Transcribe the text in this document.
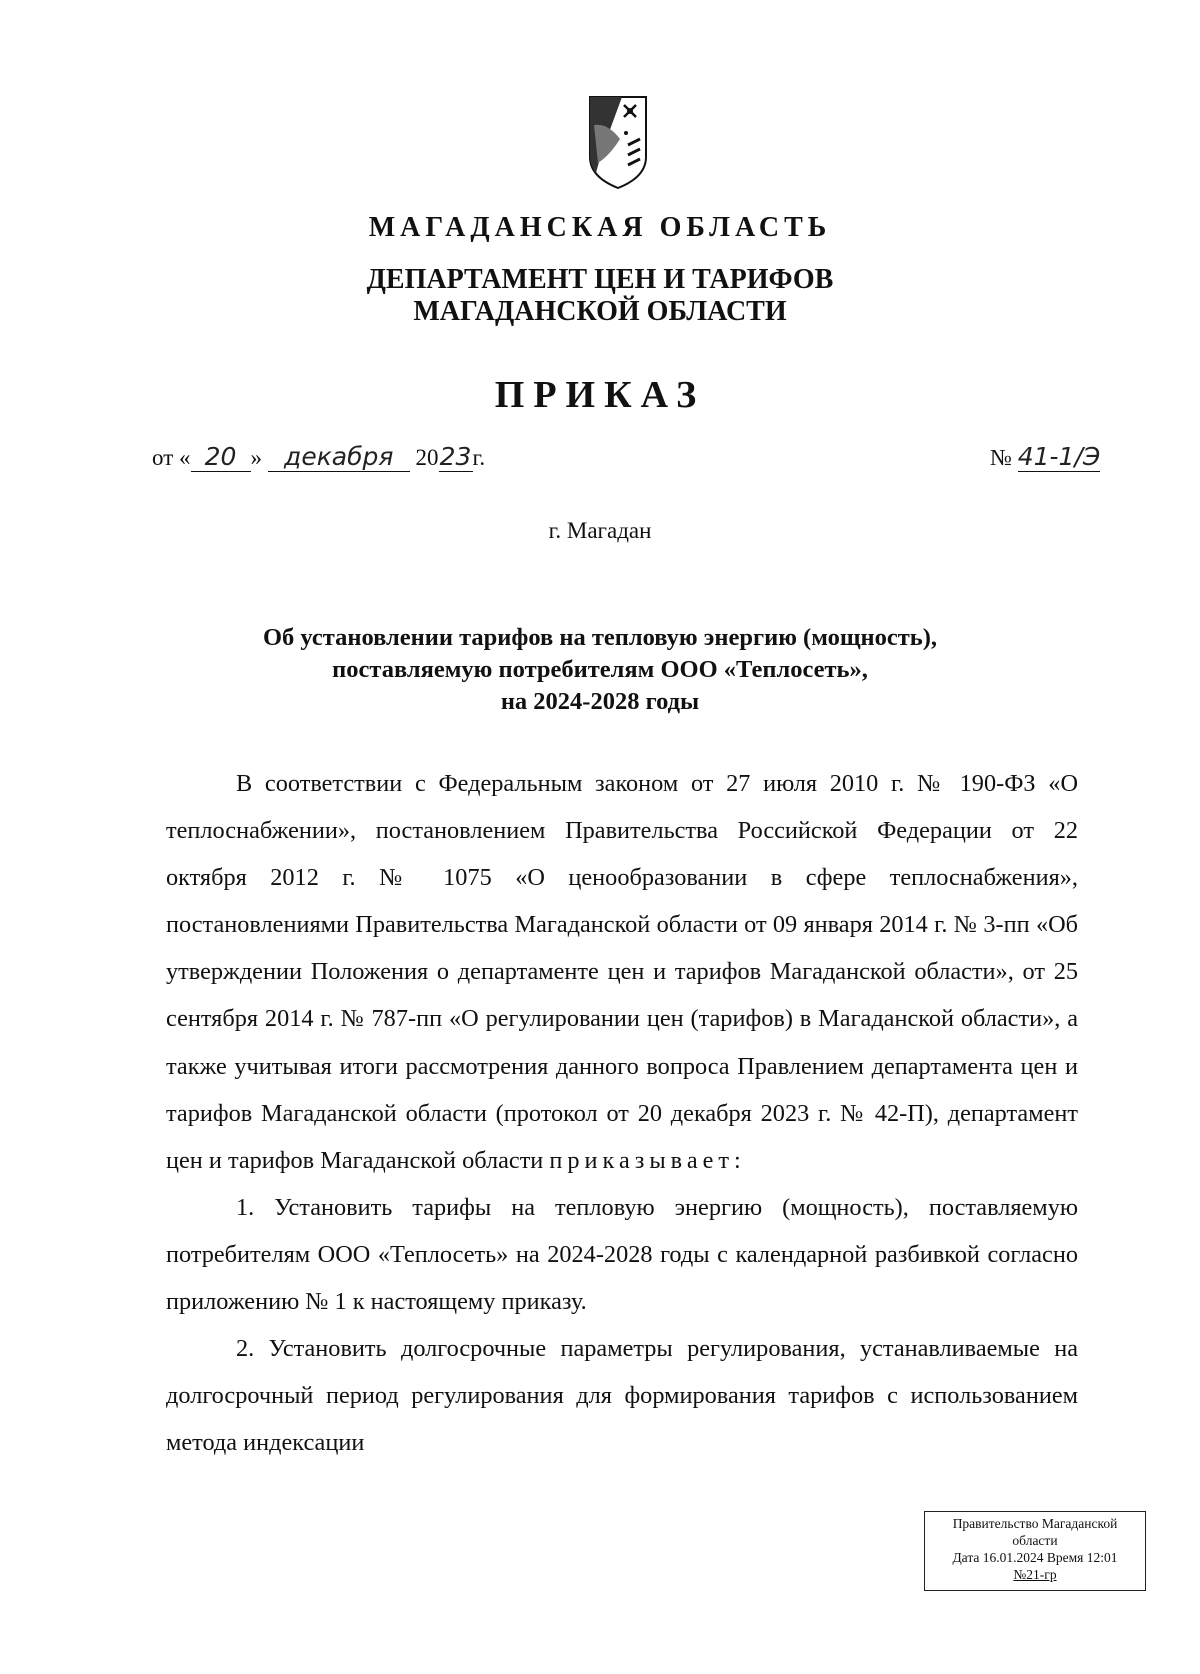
МАГАДАНСКАЯ ОБЛАСТЬ
ДЕПАРТАМЕНТ ЦЕН И ТАРИФОВ
МАГАДАНСКОЙ ОБЛАСТИ
ПРИКАЗ
от « 20 » декабря 2023г.	№ 41-1/Э
г. Магадан
Об установлении тарифов на тепловую энергию (мощность),
поставляемую потребителям ООО «Теплосеть»,
на 2024-2028 годы

В соответствии с Федеральным законом от 27 июля 2010 г. № 190-ФЗ «О теплоснабжении», постановлением Правительства Российской Федерации от 22 октября 2012 г. № 1075 «О ценообразовании в сфере теплоснабжения», постановлениями Правительства Магаданской области от 09 января 2014 г. № 3-пп «Об утверждении Положения о департаменте цен и тарифов Магаданской области», от 25 сентября 2014 г. № 787-пп «О регулировании цен (тарифов) в Магаданской области», а также учитывая итоги рассмотрения данного вопроса Правлением департамента цен и тарифов Магаданской области (протокол от 20 декабря 2023 г. № 42-П), департамент цен и тарифов Магаданской области приказывает:

1. Установить тарифы на тепловую энергию (мощность), поставляемую потребителям ООО «Теплосеть» на 2024-2028 годы с календарной разбивкой согласно приложению № 1 к настоящему приказу.

2. Установить долгосрочные параметры регулирования, устанавливаемые на долгосрочный период регулирования для формирования тарифов с использованием метода индексации

Правительство Магаданской
области
Дата 16.01.2024 Время 12:01
№21-гр
